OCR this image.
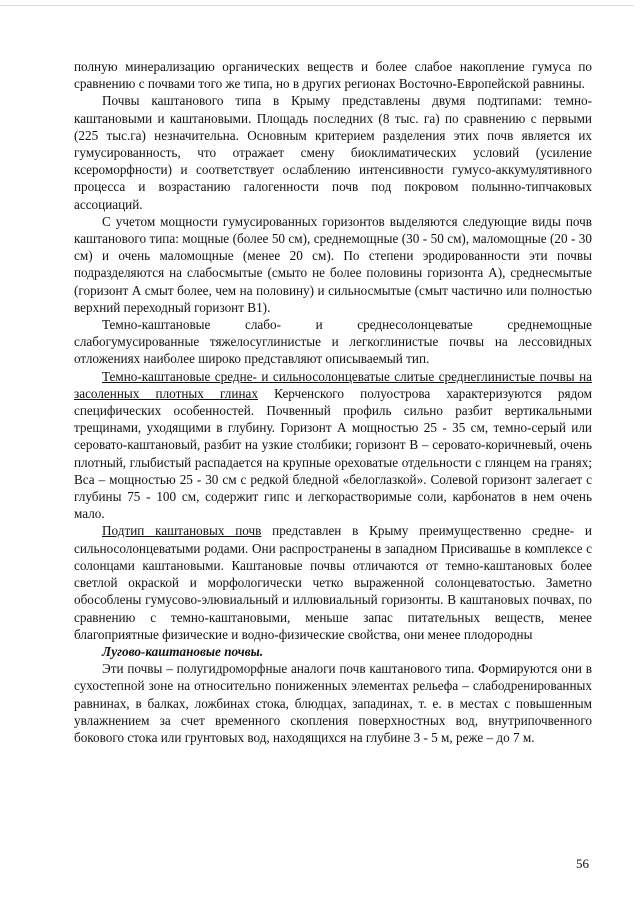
полную минерализацию органических веществ и более слабое накопление гумуса по сравнению с почвами того же типа, но в других регионах Восточно-Европейской равнины.

Почвы каштанового типа в Крыму представлены двумя подтипами: темно-каштановыми и каштановыми. Площадь последних (8 тыс. га) по сравнению с первыми (225 тыс.га) незначительна. Основным критерием разделения этих почв является их гумусированность, что отражает смену биоклиматических условий (усиление ксероморфности) и соответствует ослаблению интенсивности гумусо-аккумулятивного процесса и возрастанию галогенности почв под покровом полынно-типчаковых ассоциаций.

С учетом мощности гумусированных горизонтов выделяются следующие виды почв каштанового типа: мощные (более 50 см), среднемощные (30 - 50 см), маломощные (20 - 30 см) и очень маломощные (менее 20 см). По степени эродированности эти почвы подразделяются на слабосмытые (смыто не более половины горизонта А), среднесмытые (горизонт А смыт более, чем на половину) и сильносмытые (смыт частично или полностью верхний переходный горизонт В1).

Темно-каштановые слабо- и среднесолонцеватые среднемощные слабогумусированные тяжелосуглинистые и легкоглинистые почвы на лессовидных отложениях наиболее широко представляют описываемый тип.

Темно-каштановые средне- и сильносолонцеватые слитые среднеглинистые почвы на засоленных плотных глинах Керченского полуострова характеризуются рядом специфических особенностей. Почвенный профиль сильно разбит вертикальными трещинами, уходящими в глубину. Горизонт А мощностью 25 - 35 см, темно-серый или серовато-каштановый, разбит на узкие столбики; горизонт В – серовато-коричневый, очень плотный, глыбистый распадается на крупные ореховатые отдельности с глянцем на гранях; Вса – мощностью 25 - 30 см с редкой бледной «белоглазкой». Солевой горизонт залегает с глубины 75 - 100 см, содержит гипс и легкорастворимые соли, карбонатов в нем очень мало.

Подтип каштановых почв представлен в Крыму преимущественно средне- и сильносолонцеватыми родами. Они распространены в западном Присивашье в комплексе с солонцами каштановыми. Каштановые почвы отличаются от темно-каштановых более светлой окраской и морфологически четко выраженной солонцеватостью. Заметно обособлены гумусово-элювиальный и иллювиальный горизонты. В каштановых почвах, по сравнению с темно-каштановыми, меньше запас питательных веществ, менее благоприятные физические и водно-физические свойства, они менее плодородны

Лугово-каштановые почвы.

Эти почвы – полугидроморфные аналоги почв каштанового типа. Формируются они в сухостепной зоне на относительно пониженных элементах рельефа – слабодренированных равнинах, в балках, ложбинах стока, блюдцах, западинах, т. е. в местах с повышенным увлажнением за счет временного скопления поверхностных вод, внутрипочвенного бокового стока или грунтовых вод, находящихся на глубине 3 - 5 м, реже – до 7 м.

56
